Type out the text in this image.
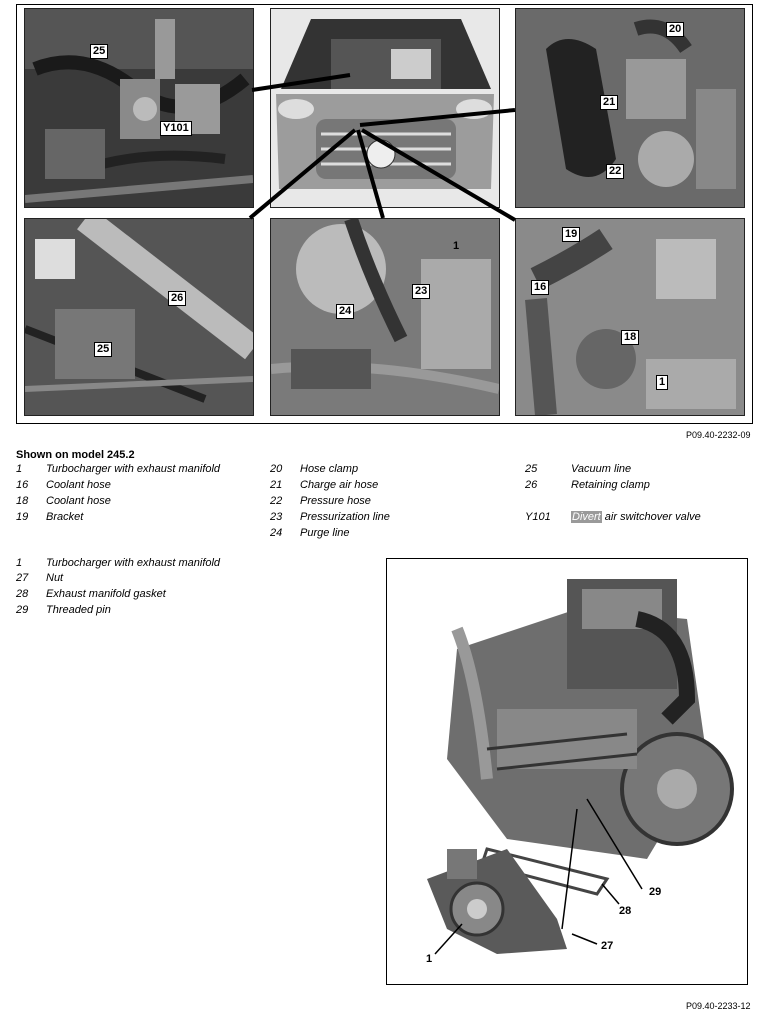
25
Y101
20
21
22
26
25
24
23
1
19
16
18
1
P09.40-2232-09
Shown on model 245.2
1 Turbocharger with exhaust manifold
16 Coolant hose
18 Coolant hose
19 Bracket
20 Hose clamp
21 Charge air hose
22 Pressure hose
23 Pressurization line
24 Purge line
25	Vacuum line
26	Retaining clamp
Y101 Divert air switchover valve
1 Turbocharger with exhaust manifold
27 Nut
28 Exhaust manifold gasket
29 Threaded pin
29
28
27
1
P09.40-2233-12
